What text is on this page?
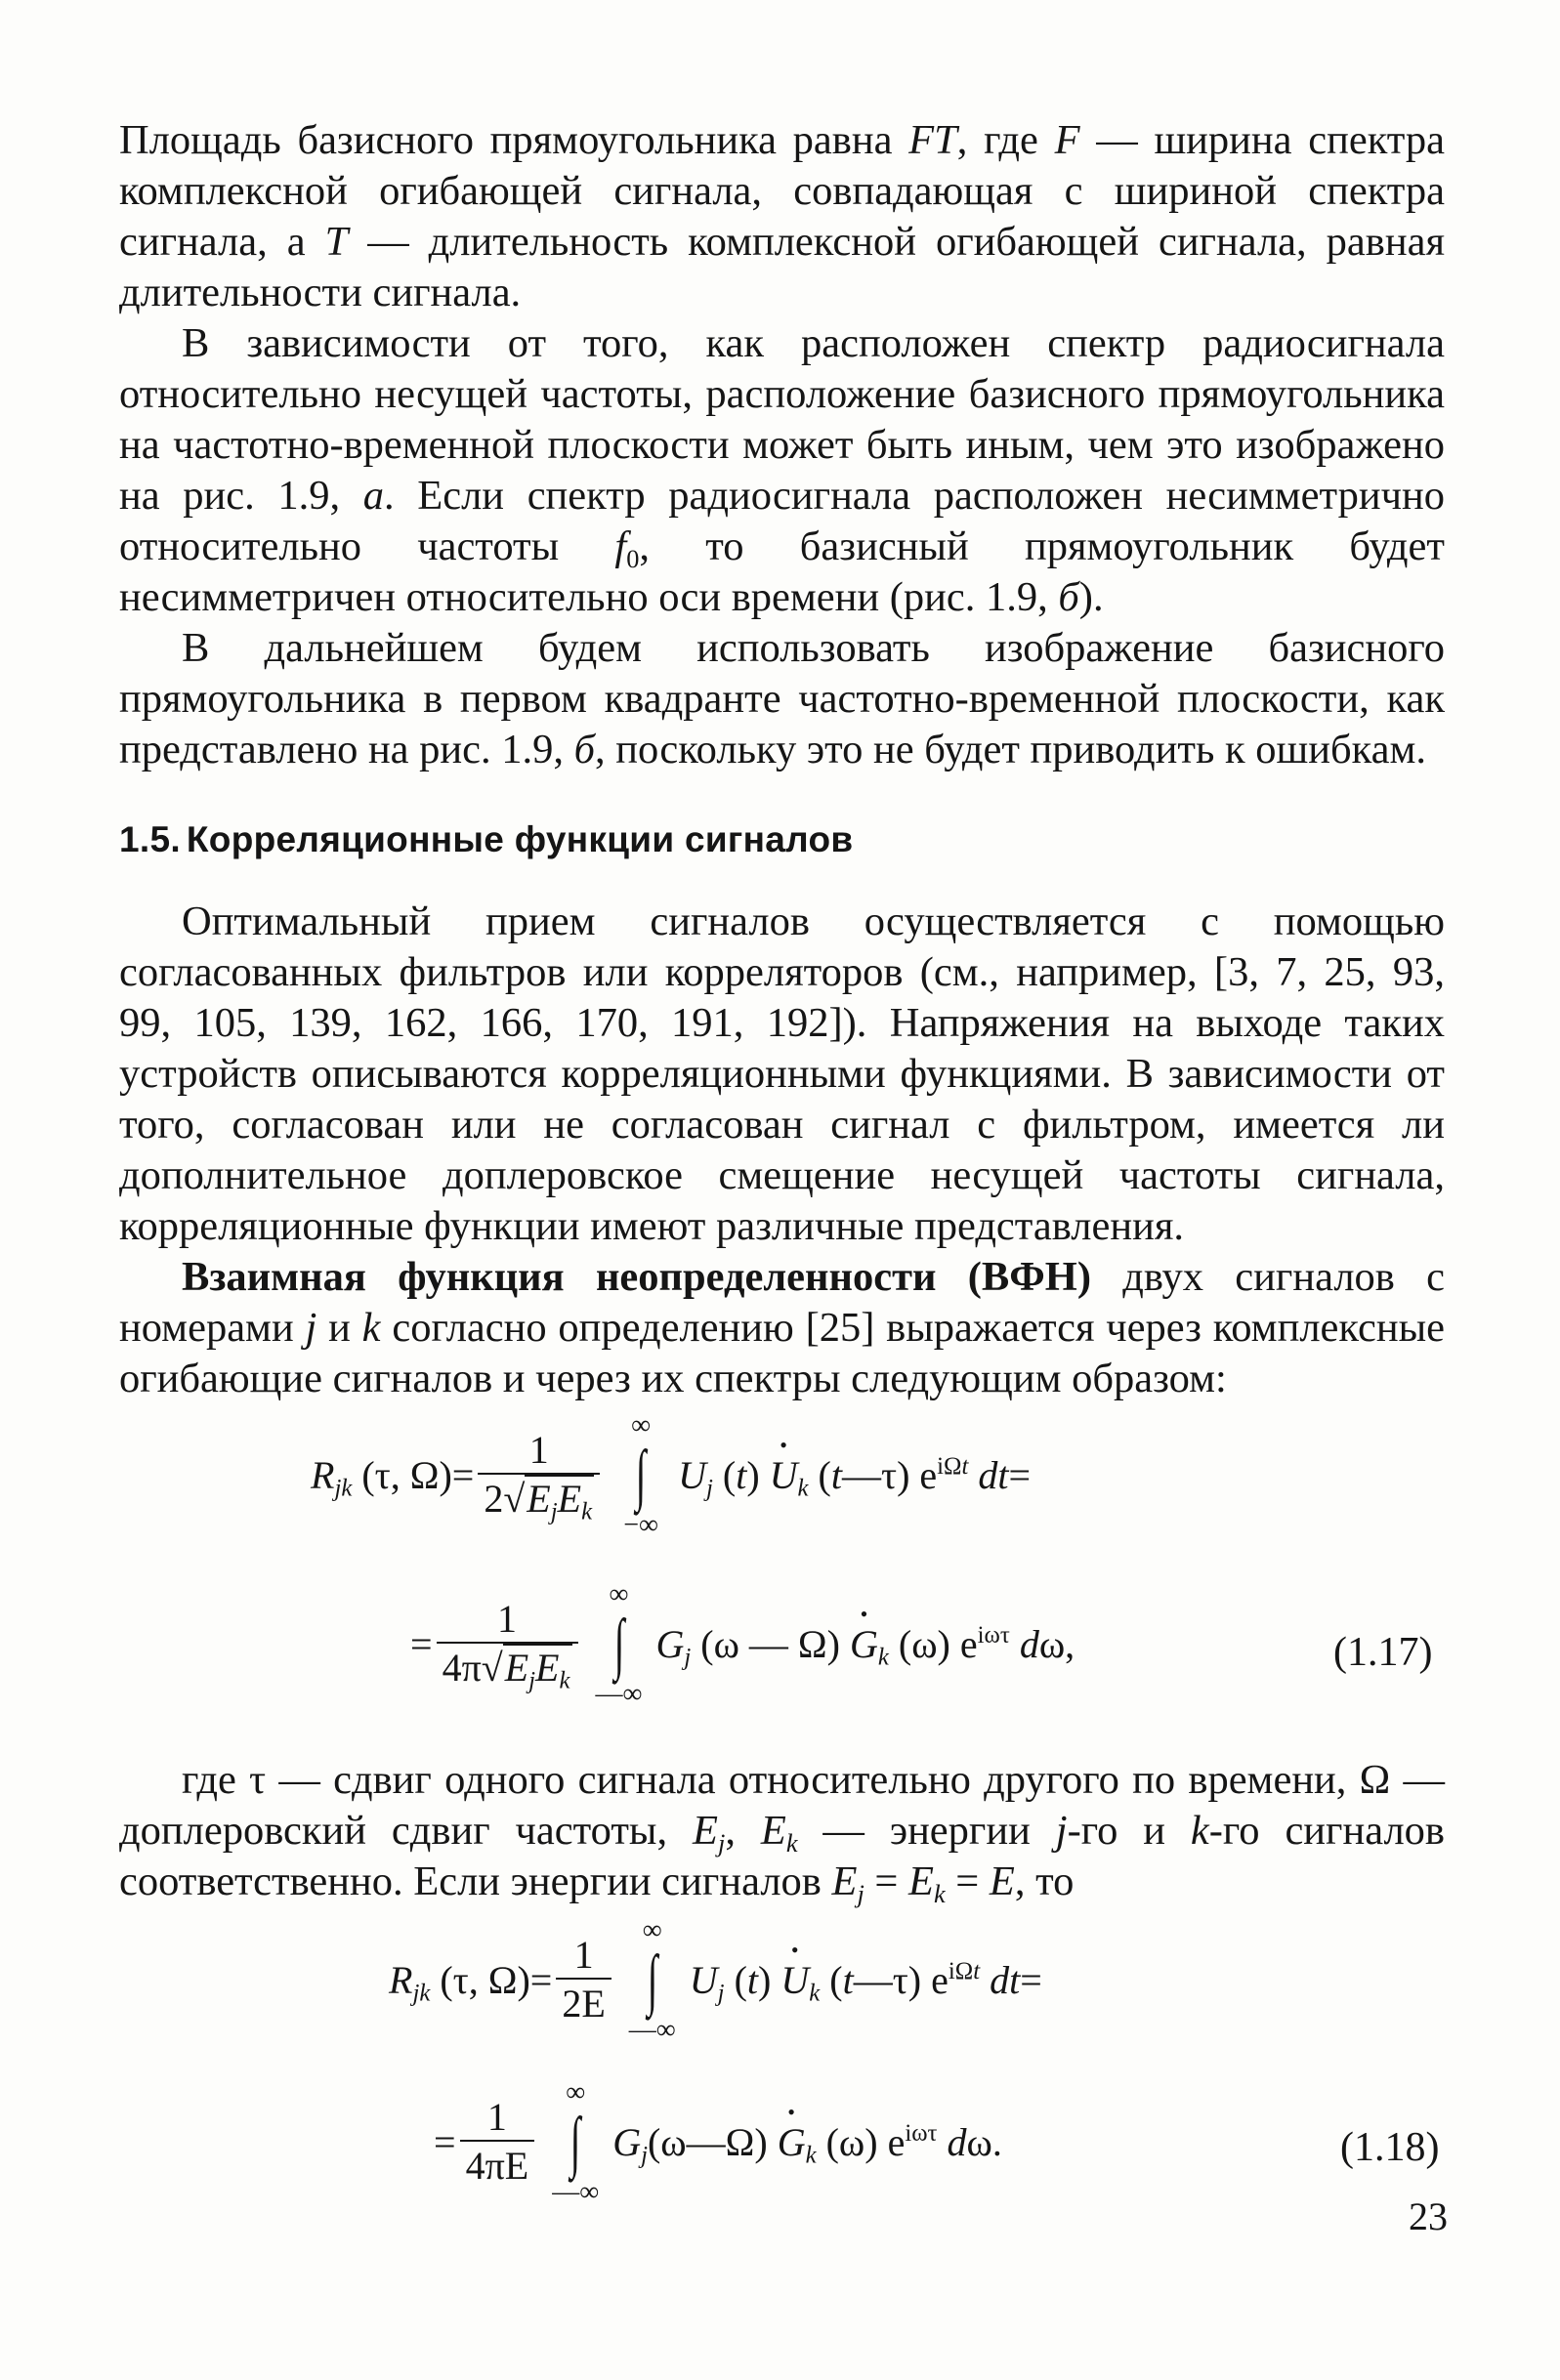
Площадь базисного прямоугольника равна FT, где F — ширина спектра комплексной огибающей сигнала, совпадающая с шириной спектра сигнала, а T — длительность комплексной огибающей сигнала, равная длительности сигнала.

В зависимости от того, как расположен спектр радиосигнала относительно несущей частоты, расположение базисного прямоугольника на частотно-временной плоскости может быть иным, чем это изображено на рис. 1.9, а. Если спектр радиосигнала расположен несимметрично относительно частоты $f_0$, то базисный прямоугольник будет несимметричен относительно оси времени (рис. 1.9, б).

В дальнейшем будем использовать изображение базисного прямоугольника в первом квадранте частотно-временной плоскости, как представлено на рис. 1.9, б, поскольку это не будет приводить к ошибкам.

1.5. Корреляционные функции сигналов

Оптимальный прием сигналов осуществляется с помощью согласованных фильтров или корреляторов (см., например, [3, 7, 25, 93, 99, 105, 139, 162, 166, 170, 191, 192]). Напряжения на выходе таких устройств описываются корреляционными функциями. В зависимости от того, согласован или не согласован сигнал с фильтром, имеется ли дополнительное доплеровское смещение несущей частоты сигнала, корреляционные функции имеют различные представления.

Взаимная функция неопределенности (ВФН) двух сигналов с номерами j и k согласно определению [25] выражается через комплексные огибающие сигналов и через их спектры следующим образом:

$R_{jk}$ (τ, $\Omega)= \frac{1}{2√E_jE_k}$
∞
∫
−∞
$U_j$ (t) • $U_k$ (t—τ) $e^{i\Omega t}$ dt=
= $\frac{1}{4\pi√E_jE_k}$
∞
∫
—∞
$G_j$ (ω — Ω) • $G_k$ (ω) $e^{i\omega\tau}$ dω,	(1.17)

где τ — сдвиг одного сигнала относительно другого по времени, Ω — доплеровский сдвиг частоты, $E_j$, $E_k$ — энергии j-го и k-го сигналов соответственно. Если энергии сигналов $E_j = E_k = E$, то

$R_{jk}$ (τ, $\Omega)= \frac{1}{2E}$
∞
∫
—∞
$U_j$ (t) • $U_k$ (t—τ) $e^{i\Omega t}$ dt=
= $\frac{1}{4\pi E}$
∞
∫
—∞
$G_j(\omega—\Omega)$ • $G_k$ (ω) $e^{i\omega\tau}$ dω.	(1.18)
23
